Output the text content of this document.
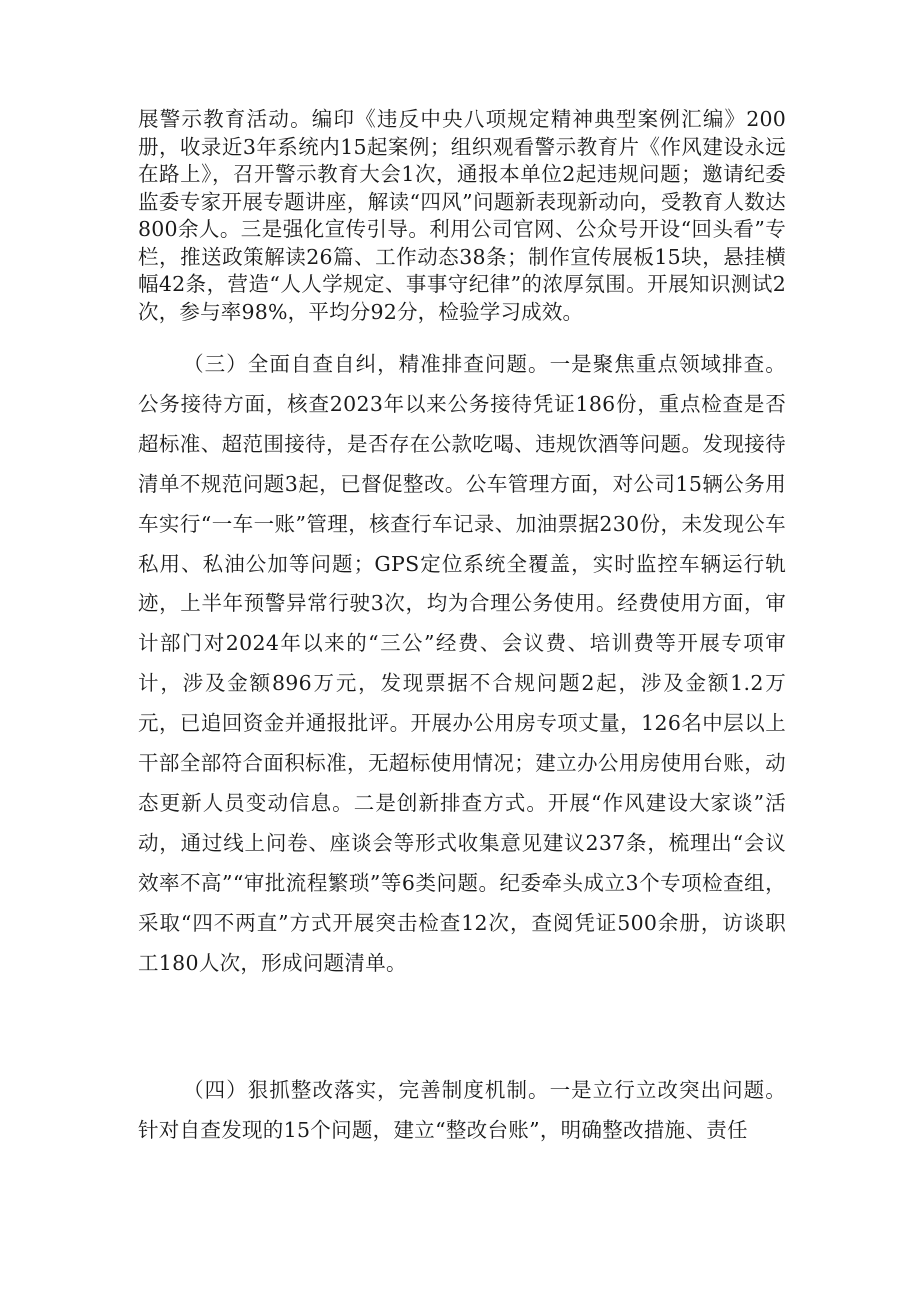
展警示教育活动。编印《违反中央八项规定精神典型案例汇编》200册，收录近3年系统内15起案例；组织观看警示教育片《作风建设永远在路上》，召开警示教育大会1次，通报本单位2起违规问题；邀请纪委监委专家开展专题讲座，解读“四风”问题新表现新动向，受教育人数达800余人。三是强化宣传引导。利用公司官网、公众号开设“回头看”专栏，推送政策解读26篇、工作动态38条；制作宣传展板15块，悬挂横幅42条，营造“人人学规定、事事守纪律”的浓厚氛围。开展知识测试2次，参与率98%，平均分92分，检验学习成效。
（三）全面自查自纠，精准排查问题。一是聚焦重点领域排查。公务接待方面，核查2023年以来公务接待凭证186份，重点检查是否超标准、超范围接待，是否存在公款吃喝、违规饮酒等问题。发现接待清单不规范问题3起，已督促整改。公车管理方面，对公司15辆公务用车实行“一车一账”管理，核查行车记录、加油票据230份，未发现公车私用、私油公加等问题；GPS定位系统全覆盖，实时监控车辆运行轨迹，上半年预警异常行驶3次，均为合理公务使用。经费使用方面，审计部门对2024年以来的“三公”经费、会议费、培训费等开展专项审计，涉及金额896万元，发现票据不合规问题2起，涉及金额1.2万元，已追回资金并通报批评。开展办公用房专项丈量，126名中层以上干部全部符合面积标准，无超标使用情况；建立办公用房使用台账，动态更新人员变动信息。二是创新排查方式。开展“作风建设大家谈”活动，通过线上问卷、座谈会等形式收集意见建议237条，梳理出“会议效率不高”“审批流程繁琐”等6类问题。纪委牵头成立3个专项检查组，采取“四不两直”方式开展突击检查12次，查阅凭证500余册，访谈职工180人次，形成问题清单。
（四）狠抓整改落实，完善制度机制。一是立行立改突出问题。针对自查发现的15个问题，建立“整改台账”，明确整改措施、责任
